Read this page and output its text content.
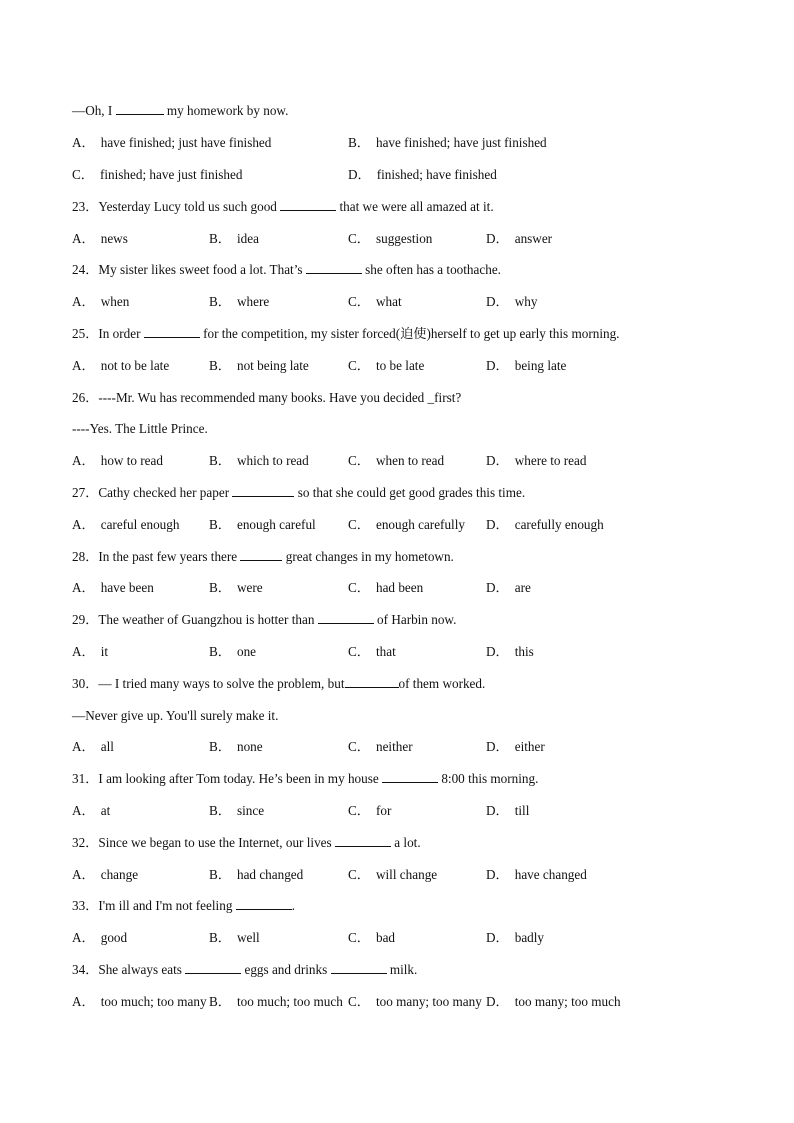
—Oh, I	my homework by now.
A． have finished; just have finished	B． have finished; have just finished
C． finished; have just finished	D． finished; have finished
23．Yesterday Lucy told us such good	that we were all amazed at it.
A． news	B． idea	C． suggestion	D． answer
24．My sister likes sweet food a lot. That’s	she often has a toothache.
A． when	B． where	C． what	D． why
25．In order	for the competition, my sister forced(迫使)herself to get up early this morning.
A． not to be late	B． not being late	C． to be late	D． being late
26．----Mr. Wu has recommended many books. Have you decided _first?
----Yes. The Little Prince.
A． how to read	B． which to read	C． when to read	D． where to read
27．Cathy checked her paper	so that she could get good grades this time.
A． careful enough B． enough careful C． enough carefully D． carefully enough
28．In the past few years there	great changes in my hometown.
A． have been	B． were	C． had been	D． are
29．The weather of Guangzhou is hotter than	of Harbin now.
A． it	B． one	C． that	D． this
30．— I tried many ways to solve the problem, but	of them worked.
—Never give up. You'll surely make it.
A． all	B． none	C． neither	D． either
31．I am looking after Tom today. He’s been in my house	8:00 this morning.
A． at	B． since	C． for	D． till
32．Since we began to use the Internet, our lives	a lot.
A． change	B． had changed	C． will change	D． have changed
33．I'm ill and I'm not feeling	.
A． good	B． well	C． bad	D． badly
34．She always eats	eggs and drinks	milk.
A． too much; too many B． too much; too much C． too many; too many D． too many; too much
